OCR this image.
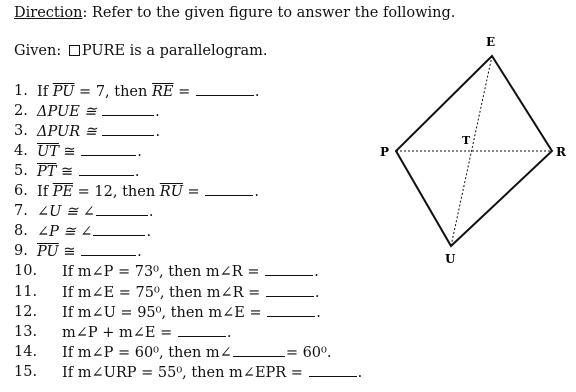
Direction: Refer to the given figure to answer the following.
Given: PURE is a parallelogram.
1. If $\overline{PU} = 7$, then $\overline{RE}$ =	.
2. ΔPUE ≅	.
3. ΔPUR ≅	.
4. $\overline{UT}$ ≅	.
5. $\overline{PT}$ ≅	.
6. If $\overline{PE} = 12$, then $\overline{RU}$ =	.
7. ∠U ≅ ∠	.
8. ∠P ≅ ∠	.
9. $\overline{PU}$ ≅	.
10. If m∠P = 73⁰, then m∠R =	.
11. If m∠E = 75⁰, then m∠R =	.
12. If m∠U = 95⁰, then m∠E =	.
13. m∠P + m∠E =	.
14. If m∠P = 60⁰, then m∠	= 60⁰.
15. If m∠URP = 55⁰, then m∠EPR =	.
E
P	R
U
T
